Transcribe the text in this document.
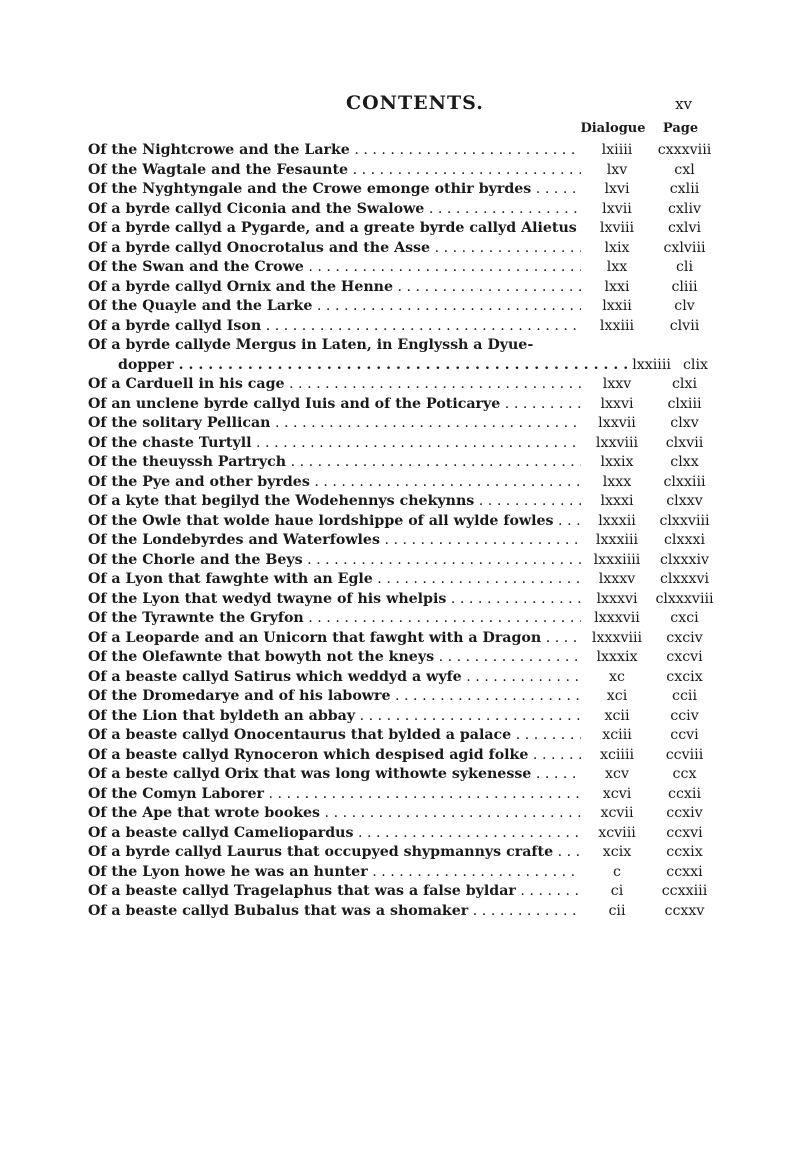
CONTENTS.	xv
Dialogue	Page
Of the Nightcrowe and the Larke . . .	lxiiii	cxxxviii
Of the Wagtale and the Fesaunte . . .	lxv	cxl
Of the Nyghtyngale and the Crowe emonge othir byrdes . . .	lxvi	cxlii
Of a byrde callyd Ciconia and the Swalowe . . .	lxvii	cxliv
Of a byrde callyd a Pygarde, and a greate byrde callyd Alietus . . .	lxviii	cxlvi
Of a byrde callyd Onocrotalus and the Asse . . .	lxix	cxlviii
Of the Swan and the Crowe . . .	lxx	cli
Of a byrde callyd Ornix and the Henne . . .	lxxi	cliii
Of the Quayle and the Larke . . .	lxxii	clv
Of a byrde callyd Ison . . .	lxxiii	clvii
Of a byrde callyde Mergus in Laten, in Englyssh a Dyue-
dopper . . . . . . . . . . . . . . . . . . . . . . . . . . . . . . . . . . . . . . . . . . . . . . lxxiiii clix
Of a Carduell in his cage . . .	lxxv	clxi
Of an unclene byrde callyd Iuis and of the Poticarye . . .	lxxvi	clxiii
Of the solitary Pellican . . .	lxxvii	clxv
Of the chaste Turtyll . . .	lxxviii	clxvii
Of the theuyssh Partrych . . .	lxxix	clxx
Of the Pye and other byrdes . . .	lxxx	clxxiii
Of a kyte that begilyd the Wodehennys chekynns . . .	lxxxi	clxxv
Of the Owle that wolde haue lordshippe of all wylde fowles . . .	lxxxii	clxxviii
Of the Londebyrdes and Waterfowles . . .	lxxxiii	clxxxi
Of the Chorle and the Beys . . .	lxxxiiii	clxxxiv
Of a Lyon that fawghte with an Egle . . .	lxxxv	clxxxvi
Of the Lyon that wedyd twayne of his whelpis . . .	lxxxvi	clxxxviii
Of the Tyrawnte the Gryfon . . .	lxxxvii	cxci
Of a Leoparde and an Unicorn that fawght with a Dragon . . .	lxxxviii	cxciv
Of the Olefawnte that bowyth not the kneys . . .	lxxxix	cxcvi
Of a beaste callyd Satirus which weddyd a wyfe . . .	xc	cxcix
Of the Dromedarye and of his labowre . . .	xci	ccii
Of the Lion that byldeth an abbay . . .	xcii	cciv
Of a beaste callyd Onocentaurus that bylded a palace . . .	xciii	ccvi
Of a beaste callyd Rynoceron which despised agid folke . . .	xciiii	ccviii
Of a beste callyd Orix that was long withowte sykenesse . . .	xcv	ccx
Of the Comyn Laborer . . .	xcvi	ccxii
Of the Ape that wrote bookes . . .	xcvii	ccxiv
Of a beaste callyd Cameliopardus . . .	xcviii	ccxvi
Of a byrde callyd Laurus that occupyed shypmannys crafte . . .	xcix	ccxix
Of the Lyon howe he was an hunter . . .	c	ccxxi
Of a beaste callyd Tragelaphus that was a false byldar . . .	ci	ccxxiii
Of a beaste callyd Bubalus that was a shomaker . . .	cii	ccxxv
